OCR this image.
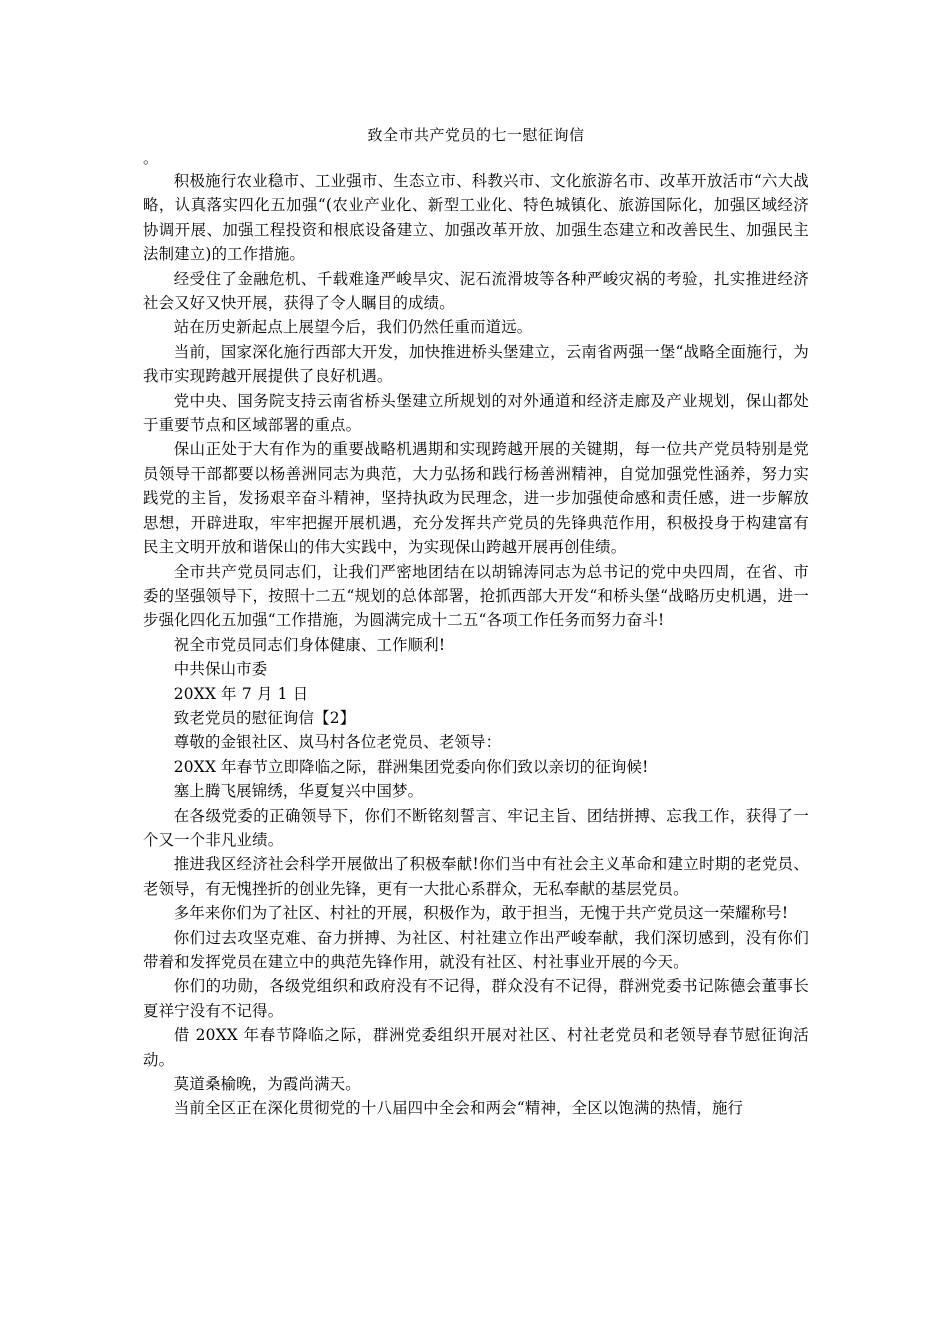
致全市共产党员的七一慰征询信
。

积极施行农业稳市、工业强市、生态立市、科教兴市、文化旅游名市、改革开放活市“六大战略，认真落实四化五加强“(农业产业化、新型工业化、特色城镇化、旅游国际化，加强区域经济协调开展、加强工程投资和根底设备建立、加强改革开放、加强生态建立和改善民生、加强民主法制建立)的工作措施。

经受住了金融危机、千载难逢严峻旱灾、泥石流滑坡等各种严峻灾祸的考验，扎实推进经济社会又好又快开展，获得了令人瞩目的成绩。

站在历史新起点上展望今后，我们仍然任重而道远。

当前，国家深化施行西部大开发，加快推进桥头堡建立，云南省两强一堡“战略全面施行，为我市实现跨越开展提供了良好机遇。

党中央、国务院支持云南省桥头堡建立所规划的对外通道和经济走廊及产业规划，保山都处于重要节点和区域部署的重点。

保山正处于大有作为的重要战略机遇期和实现跨越开展的关键期，每一位共产党员特别是党员领导干部都要以杨善洲同志为典范，大力弘扬和践行杨善洲精神，自觉加强党性涵养，努力实践党的主旨，发扬艰辛奋斗精神，坚持执政为民理念，进一步加强使命感和责任感，进一步解放思想，开辟进取，牢牢把握开展机遇，充分发挥共产党员的先锋典范作用，积极投身于构建富有民主文明开放和谐保山的伟大实践中，为实现保山跨越开展再创佳绩。

全市共产党员同志们，让我们严密地团结在以胡锦涛同志为总书记的党中央四周，在省、市委的坚强领导下，按照十二五“规划的总体部署，抢抓西部大开发“和桥头堡“战略历史机遇，进一步强化四化五加强“工作措施，为圆满完成十二五“各项工作任务而努力奋斗!

祝全市党员同志们身体健康、工作顺利!

中共保山市委

20XX 年 7 月 1 日

致老党员的慰征询信【2】

尊敬的金银社区、岚马村各位老党员、老领导：

20XX 年春节立即降临之际，群洲集团党委向你们致以亲切的征询候!

塞上腾飞展锦绣，华夏复兴中国梦。

在各级党委的正确领导下，你们不断铭刻誓言、牢记主旨、团结拼搏、忘我工作，获得了一个又一个非凡业绩。

推进我区经济社会科学开展做出了积极奉献!你们当中有社会主义革命和建立时期的老党员、老领导，有无愧挫折的创业先锋，更有一大批心系群众，无私奉献的基层党员。

多年来你们为了社区、村社的开展，积极作为，敢于担当，无愧于共产党员这一荣耀称号!

你们过去攻坚克难、奋力拼搏、为社区、村社建立作出严峻奉献，我们深切感到，没有你们带着和发挥党员在建立中的典范先锋作用，就没有社区、村社事业开展的今天。

你们的功勋，各级党组织和政府没有不记得，群众没有不记得，群洲党委书记陈德会董事长夏祥宁没有不记得。

借 20XX 年春节降临之际，群洲党委组织开展对社区、村社老党员和老领导春节慰征询活动。

莫道桑榆晚，为霞尚满天。

当前全区正在深化贯彻党的十八届四中全会和两会“精神，全区以饱满的热情，施行
